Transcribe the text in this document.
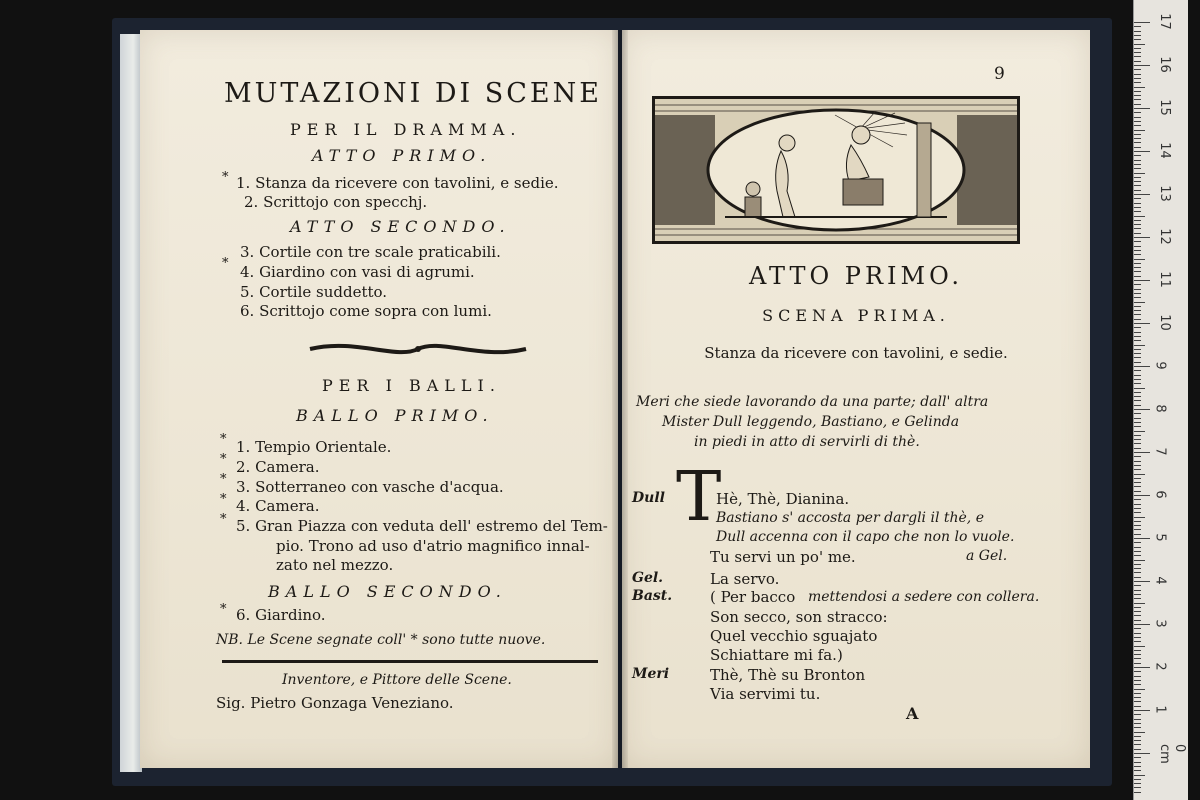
MUTAZIONI DI SCENE
PER IL DRAMMA.
ATTO PRIMO.
* 1. Stanza da ricevere con tavolini, e sedie.
2. Scrittojo con specchj.
ATTO SECONDO.
3. Cortile con tre scale praticabili.
* 4. Giardino con vasi di agrumi.
5. Cortile suddetto.
6. Scrittojo come sopra con lumi.
PER I BALLI.
BALLO PRIMO.
* 1. Tempio Orientale.
* 2. Camera.
* 3. Sotterraneo con vasche d'acqua.
* 4. Camera.
* 5. Gran Piazza con veduta dell' estremo del Tem-
pio. Trono ad uso d'atrio magnifico innal-
zato nel mezzo.
BALLO SECONDO.
* 6. Giardino.
NB. Le Scene segnate coll' * sono tutte nuove.
Inventore, e Pittore delle Scene.
Sig. Pietro Gonzaga Veneziano.
9
ATTO PRIMO.
SCENA PRIMA.
Stanza da ricevere con tavolini, e sedie.
Meri che siede lavorando da una parte; dall' altra
Mister Dull leggendo, Bastiano, e Gelinda
in piedi in atto di servirli di thè.
Dull T
Hè, Thè, Dianina.
Bastiano s' accosta per dargli il thè, e
Dull accenna con il capo che non lo vuole.
Tu servi un po' me.	a Gel.
Gel.	La servo.
Bast.	( Per bacco mettendosi a sedere con collera.
Son secco, son stracco:
Quel vecchio sguajato
Schiattare mi fa.)
Meri	Thè, Thè su Bronton
Via servimi tu.
A
17
16
15
14
13
12
11
10
9
8
7
6
5
4
3
2
1
0 cm
